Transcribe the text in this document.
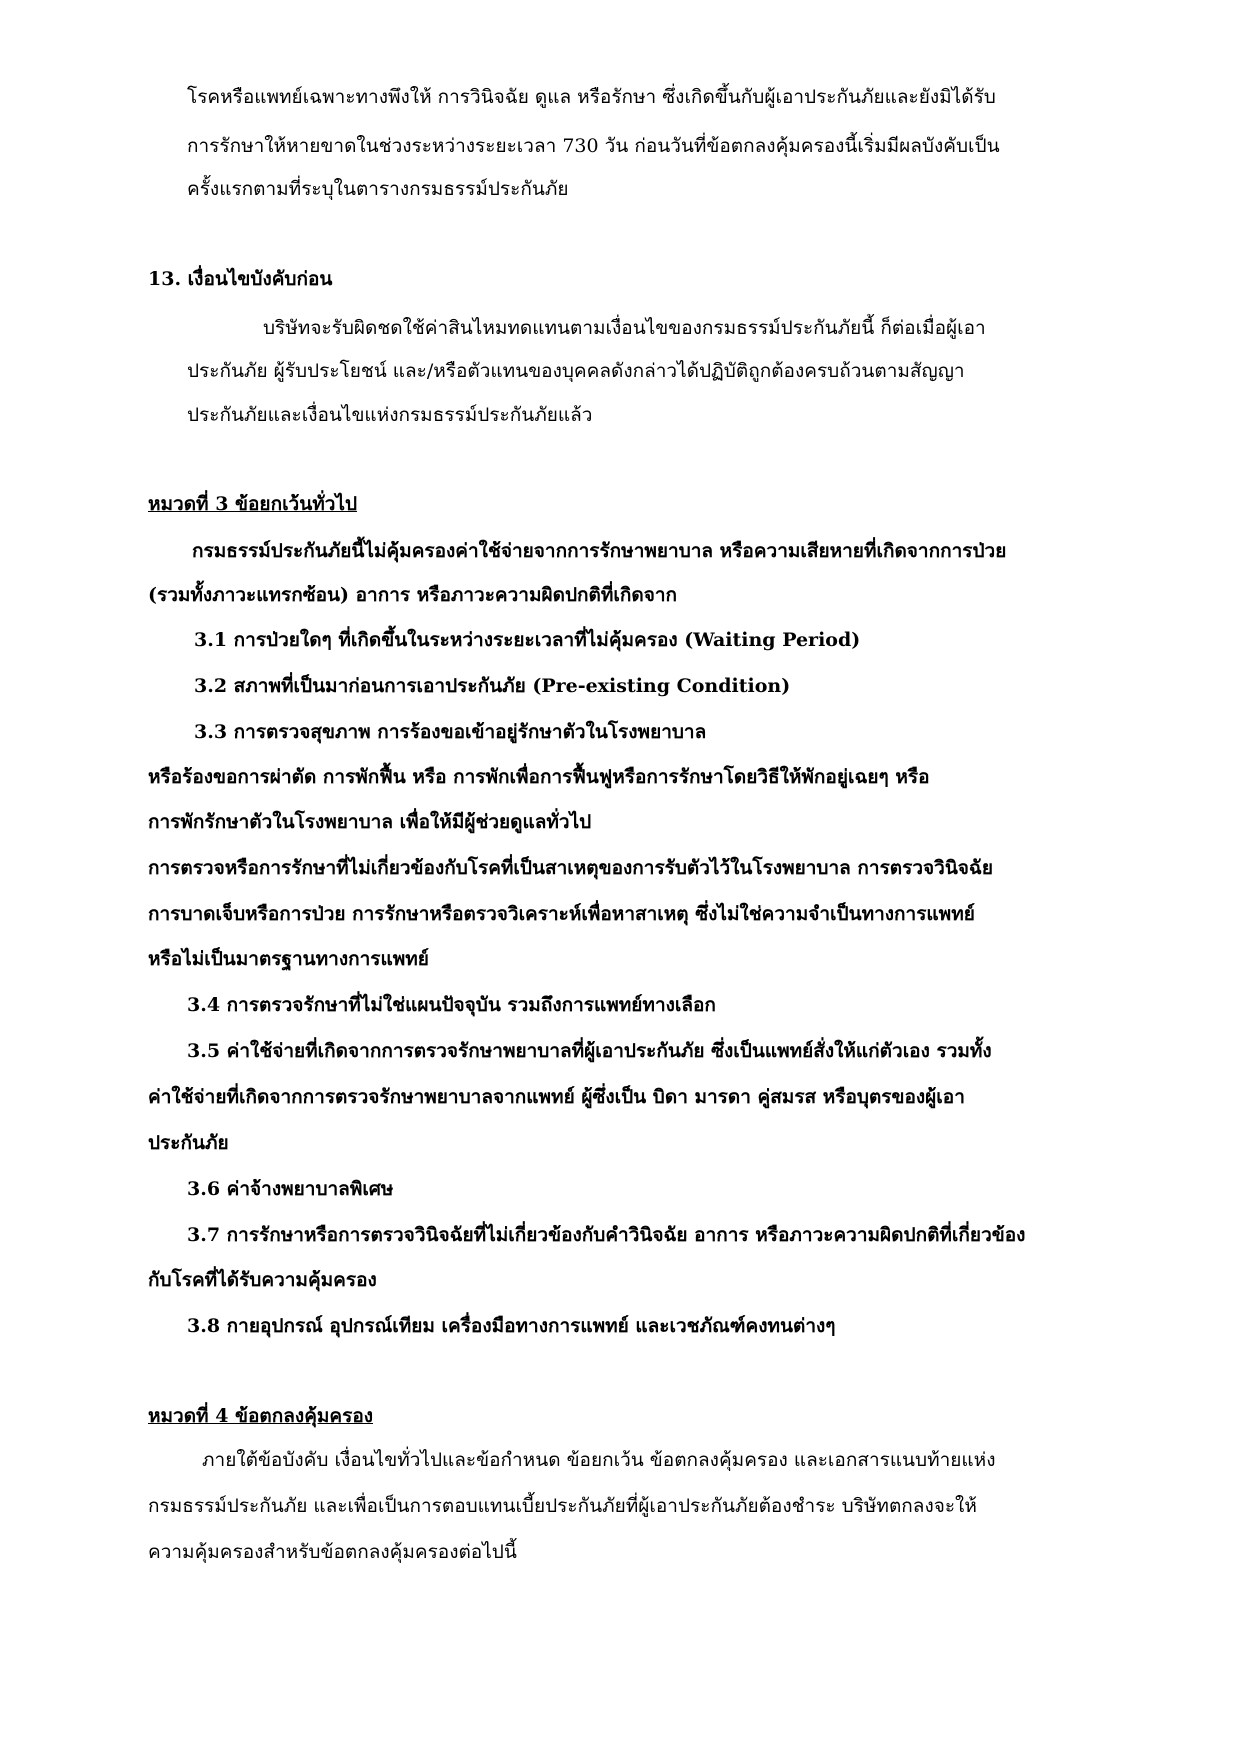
โรคหรือแพทย์เฉพาะทางพึงให้ การวินิจฉัย ดูแล หรือรักษา ซึ่งเกิดขึ้นกับผู้เอาประกันภัยและยังมิได้รับ
การรักษาให้หายขาดในช่วงระหว่างระยะเวลา 730 วัน ก่อนวันที่ข้อตกลงคุ้มครองนี้เริ่มมีผลบังคับเป็น
ครั้งแรกตามที่ระบุในตารางกรมธรรม์ประกันภัย
13. เงื่อนไขบังคับก่อน
บริษัทจะรับผิดชดใช้ค่าสินไหมทดแทนตามเงื่อนไขของกรมธรรม์ประกันภัยนี้ ก็ต่อเมื่อผู้เอา
ประกันภัย ผู้รับประโยชน์ และ/หรือตัวแทนของบุคคลดังกล่าวได้ปฏิบัติถูกต้องครบถ้วนตามสัญญา
ประกันภัยและเงื่อนไขแห่งกรมธรรม์ประกันภัยแล้ว
หมวดที่ 3 ข้อยกเว้นทั่วไป
กรมธรรม์ประกันภัยนี้ไม่คุ้มครองค่าใช้จ่ายจากการรักษาพยาบาล หรือความเสียหายที่เกิดจากการป่วย
(รวมทั้งภาวะแทรกซ้อน) อาการ หรือภาวะความผิดปกติที่เกิดจาก
3.1 การป่วยใดๆ ที่เกิดขึ้นในระหว่างระยะเวลาที่ไม่คุ้มครอง (Waiting Period)
3.2 สภาพที่เป็นมาก่อนการเอาประกันภัย (Pre-existing Condition)
3.3 การตรวจสุขภาพ การร้องขอเข้าอยู่รักษาตัวในโรงพยาบาล
หรือร้องขอการผ่าตัด การพักฟื้น หรือ การพักเพื่อการฟื้นฟูหรือการรักษาโดยวิธีให้พักอยู่เฉยๆ หรือ
การพักรักษาตัวในโรงพยาบาล เพื่อให้มีผู้ช่วยดูแลทั่วไป
การตรวจหรือการรักษาที่ไม่เกี่ยวข้องกับโรคที่เป็นสาเหตุของการรับตัวไว้ในโรงพยาบาล การตรวจวินิจฉัย
การบาดเจ็บหรือการป่วย การรักษาหรือตรวจวิเคราะห์เพื่อหาสาเหตุ ซึ่งไม่ใช่ความจำเป็นทางการแพทย์
หรือไม่เป็นมาตรฐานทางการแพทย์
3.4 การตรวจรักษาที่ไม่ใช่แผนปัจจุบัน รวมถึงการแพทย์ทางเลือก
3.5 ค่าใช้จ่ายที่เกิดจากการตรวจรักษาพยาบาลที่ผู้เอาประกันภัย ซึ่งเป็นแพทย์สั่งให้แก่ตัวเอง รวมทั้ง
ค่าใช้จ่ายที่เกิดจากการตรวจรักษาพยาบาลจากแพทย์ ผู้ซึ่งเป็น บิดา มารดา คู่สมรส หรือบุตรของผู้เอา
ประกันภัย
3.6 ค่าจ้างพยาบาลพิเศษ
3.7 การรักษาหรือการตรวจวินิจฉัยที่ไม่เกี่ยวข้องกับคำวินิจฉัย อาการ หรือภาวะความผิดปกติที่เกี่ยวข้อง
กับโรคที่ได้รับความคุ้มครอง
3.8 กายอุปกรณ์ อุปกรณ์เทียม เครื่องมือทางการแพทย์ และเวชภัณฑ์คงทนต่างๆ
หมวดที่ 4 ข้อตกลงคุ้มครอง
ภายใต้ข้อบังคับ เงื่อนไขทั่วไปและข้อกำหนด ข้อยกเว้น ข้อตกลงคุ้มครอง และเอกสารแนบท้ายแห่ง
กรมธรรม์ประกันภัย และเพื่อเป็นการตอบแทนเบี้ยประกันภัยที่ผู้เอาประกันภัยต้องชำระ บริษัทตกลงจะให้
ความคุ้มครองสำหรับข้อตกลงคุ้มครองต่อไปนี้
